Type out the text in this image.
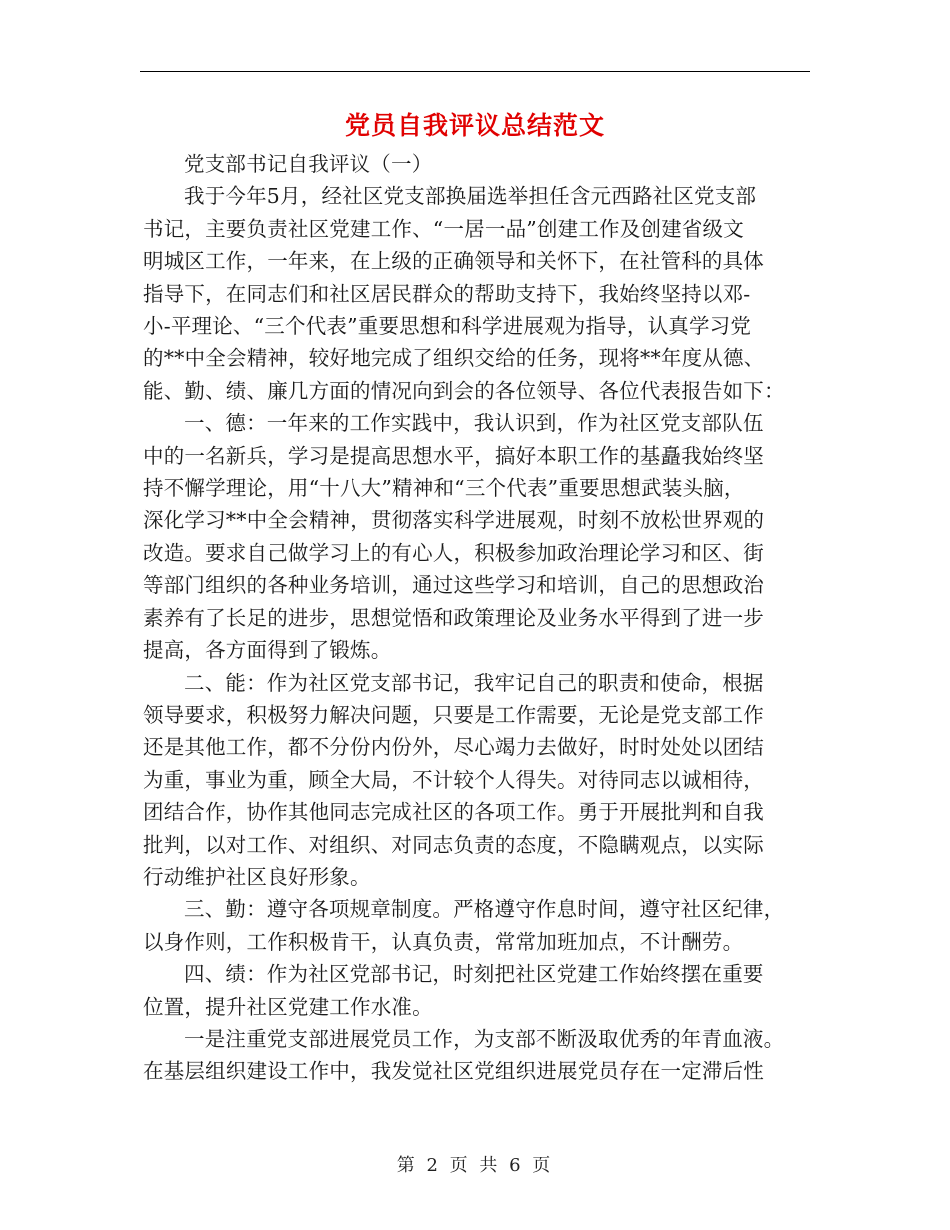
党员自我评议总结范文

党支部书记自我评议（一）
我于今年5月，经社区党支部换届选举担任含元西路社区党支部
书记，主要负责社区党建工作、“一居一品”创建工作及创建省级文
明城区工作，一年来，在上级的正确领导和关怀下，在社管科的具体
指导下，在同志们和社区居民群众的帮助支持下，我始终坚持以邓-
小-平理论、“三个代表”重要思想和科学进展观为指导，认真学习党
的**中全会精神，较好地完成了组织交给的任务，现将**年度从德、
能、勤、绩、廉几方面的情况向到会的各位领导、各位代表报告如下：
一、德：一年来的工作实践中，我认识到，作为社区党支部队伍
中的一名新兵，学习是提高思想水平，搞好本职工作的基矗我始终坚
持不懈学理论，用“十八大”精神和“三个代表”重要思想武装头脑，
深化学习**中全会精神，贯彻落实科学进展观，时刻不放松世界观的
改造。要求自己做学习上的有心人，积极参加政治理论学习和区、街
等部门组织的各种业务培训，通过这些学习和培训，自己的思想政治
素养有了长足的进步，思想觉悟和政策理论及业务水平得到了进一步
提高，各方面得到了锻炼。
二、能：作为社区党支部书记，我牢记自己的职责和使命，根据
领导要求，积极努力解决问题，只要是工作需要，无论是党支部工作
还是其他工作，都不分份内份外，尽心竭力去做好，时时处处以团结
为重，事业为重，顾全大局，不计较个人得失。对待同志以诚相待，
团结合作，协作其他同志完成社区的各项工作。勇于开展批判和自我
批判，以对工作、对组织、对同志负责的态度，不隐瞒观点，以实际
行动维护社区良好形象。
三、勤：遵守各项规章制度。严格遵守作息时间，遵守社区纪律，
以身作则，工作积极肯干，认真负责，常常加班加点，不计酬劳。
四、绩：作为社区党部书记，时刻把社区党建工作始终摆在重要
位置，提升社区党建工作水准。
一是注重党支部进展党员工作，为支部不断汲取优秀的年青血液。
在基层组织建设工作中，我发觉社区党组织进展党员存在一定滞后性

第 2 页 共 6 页
